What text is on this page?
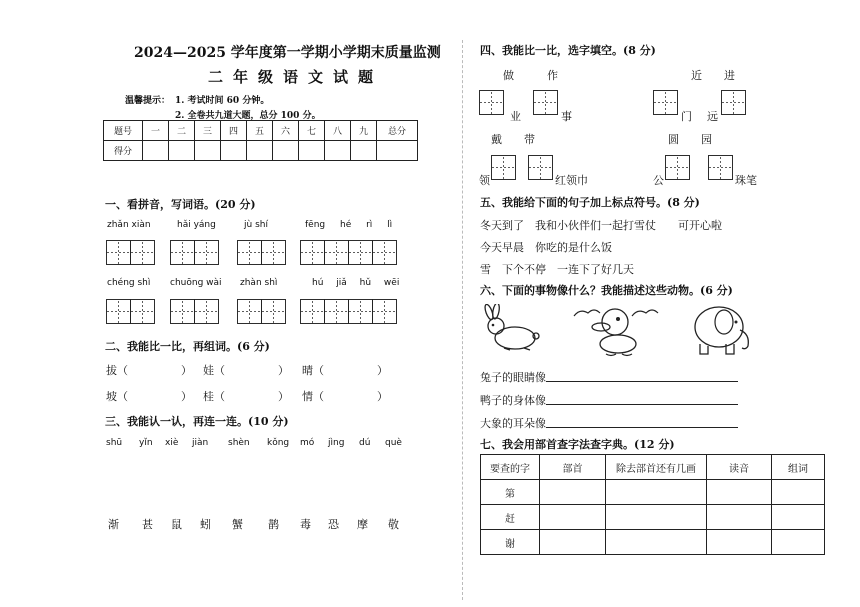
2024—2025 学年度第一学期小学期末质量监测
二年级语文试题
温馨提示： 1. 考试时间 60 分钟。
2. 全卷共九道大题，总分 100 分。
题号	一	二	三	四	五	六	七	八	九	总分
得分										
一、看拼音，写词语。(20 分)
zhǎn xiàn	hǎi yáng	jù shí	fēng hé rì lì
chéng shì chuōng wài zhàn shì	hú jiǎ hǔ wēi
二、我能比一比，再组词。(6 分)
拔（	） 娃（	） 晴（	）
坡（	） 桂（	） 情（	）
三、我能认一认，再连一连。(10 分)
shū yǐn xiè jiàn shèn kǒng mó jìng dú què
渐 甚 鼠 蚓 蟹 鹊 毒 恐 摩 敬
四、我能比一比，选字填空。(8 分)
做　　　作	近　　进
业	事	门 远
戴　　带	圆　　园
领	红领巾	公	珠笔
五、我能给下面的句子加上标点符号。(8 分)
冬天到了　我和小伙伴们一起打雪仗　　可开心啦
今天早晨　你吃的是什么饭
雪　下个不停　一连下了好几天
六、下面的事物像什么？我能描述这些动物。(6 分)
兔子的眼睛像
鸭子的身体像
大象的耳朵像
七、我会用部首查字法查字典。(12 分)
要查的字	部首	除去部首还有几画	读音	组词
第				
赶				
谢				
